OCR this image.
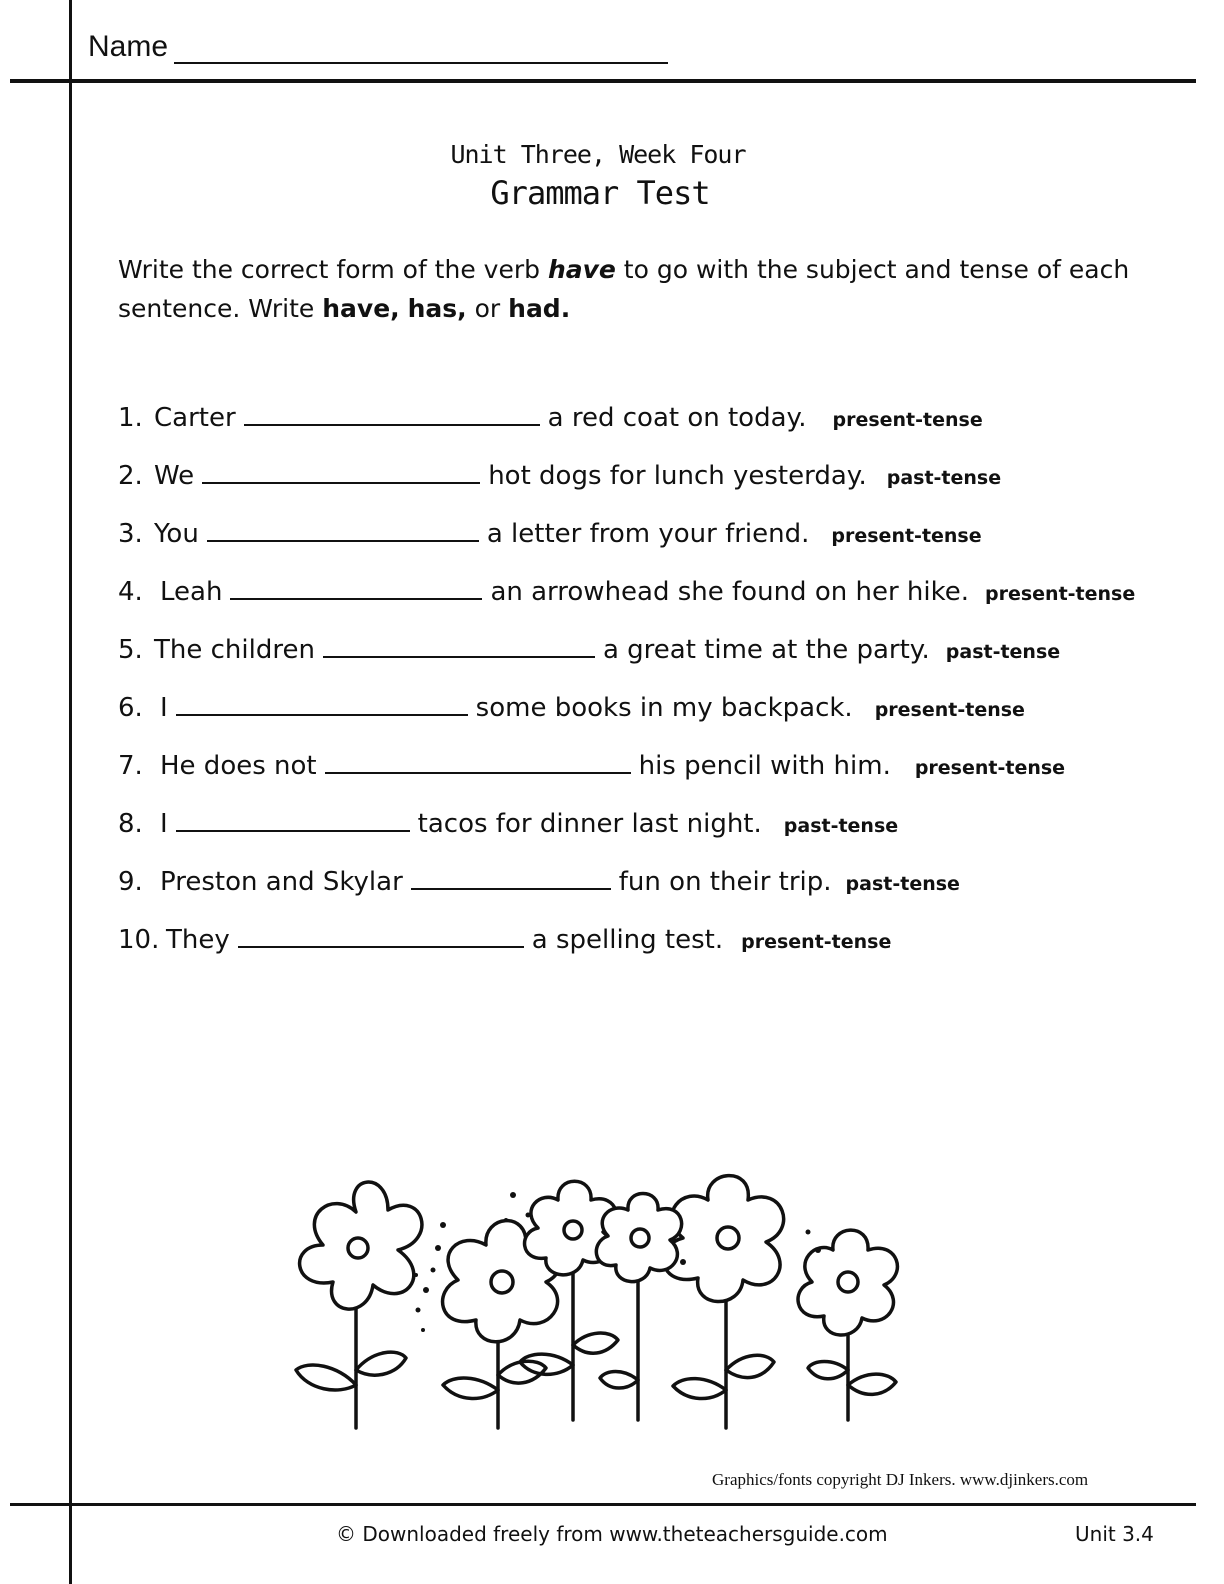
Name
Unit Three, Week Four
Grammar Test
Write the correct form of the verb have to go with the subject and tense of each sentence. Write have, has, or had.
1. Carter	a red coat on today. present-tense
2. We	hot dogs for lunch yesterday. past-tense
3. You	a letter from your friend. present-tense
4. Leah	an arrowhead she found on her hike. present-tense
5. The children	a great time at the party. past-tense
6. I	some books in my backpack. present-tense
7. He does not	his pencil with him. present-tense
8. I	tacos for dinner last night. past-tense
9. Preston and Skylar	fun on their trip. past-tense
10. They	a spelling test. present-tense
Graphics/fonts copyright DJ Inkers. www.djinkers.com
© Downloaded freely from www.theteachersguide.com	Unit 3.4
